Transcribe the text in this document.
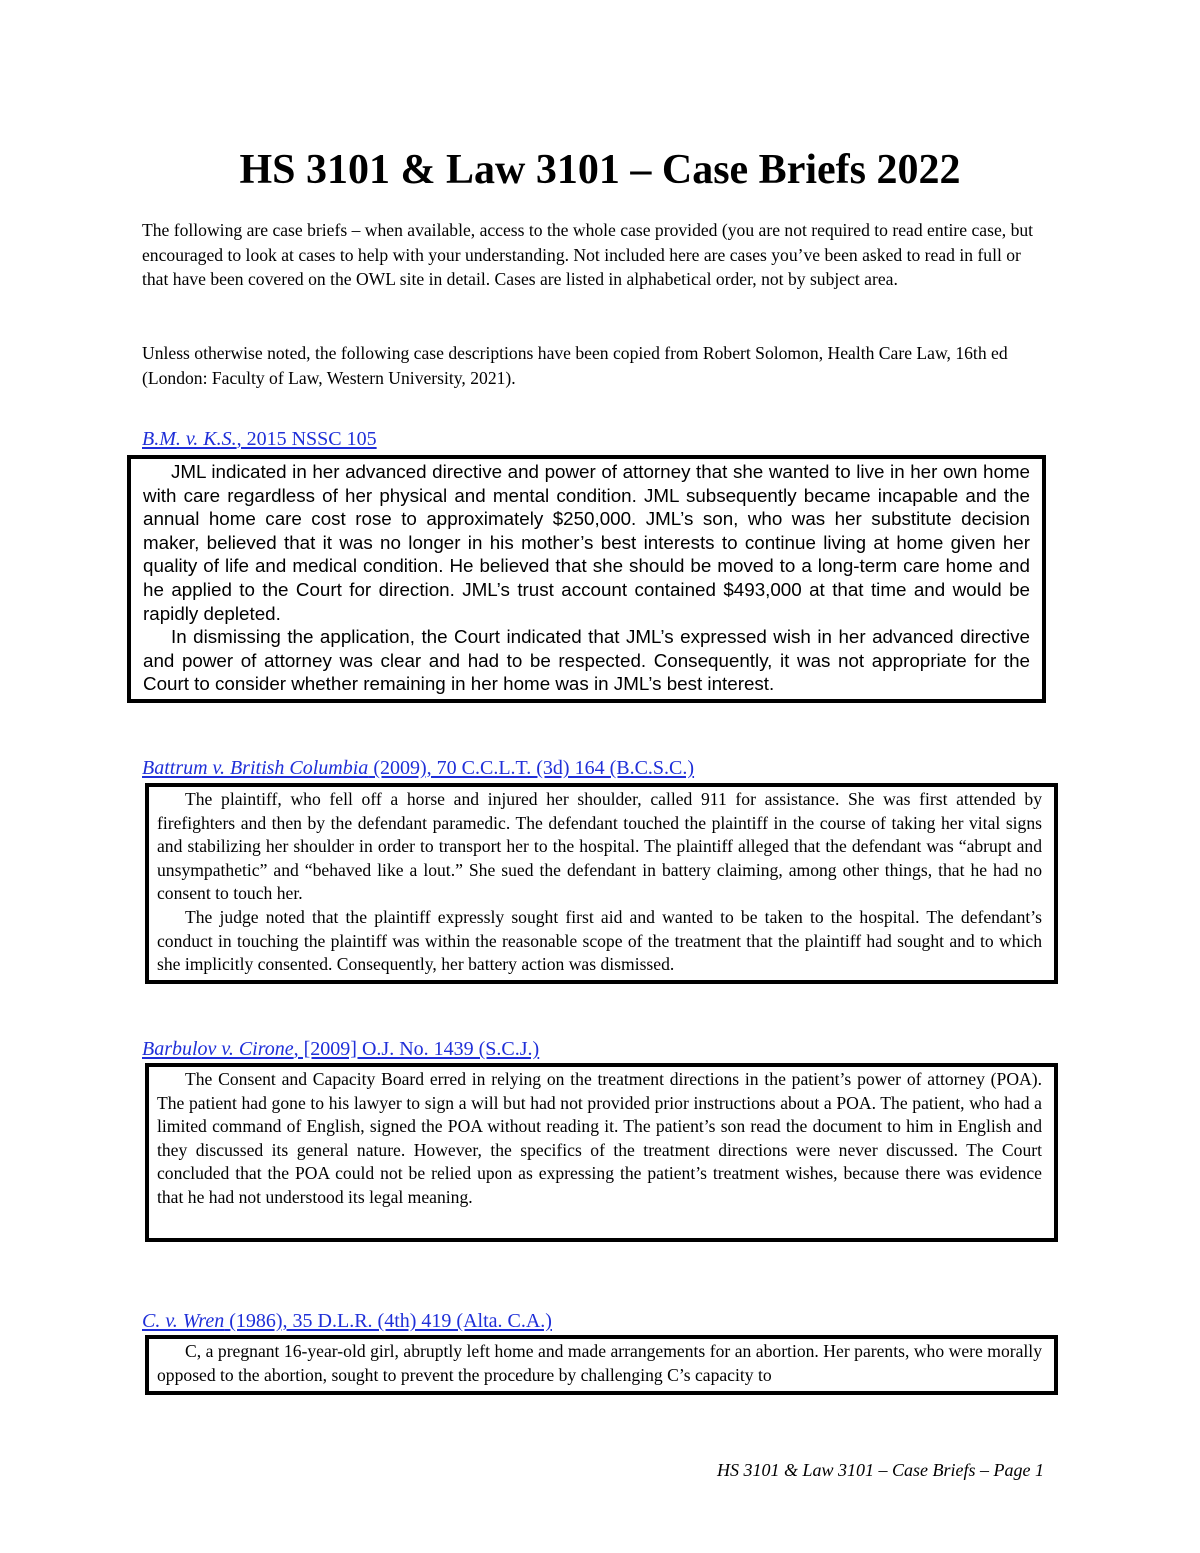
HS 3101 & Law 3101 – Case Briefs 2022

The following are case briefs – when available, access to the whole case provided (you are not required to read entire case, but encouraged to look at cases to help with your understanding. Not included here are cases you’ve been asked to read in full or that have been covered on the OWL site in detail. Cases are listed in alphabetical order, not by subject area.

Unless otherwise noted, the following case descriptions have been copied from Robert Solomon, Health Care Law, 16th ed (London: Faculty of Law, Western University, 2021).

B.M. v. K.S., 2015 NSSC 105

JML indicated in her advanced directive and power of attorney that she wanted to live in her own home with care regardless of her physical and mental condition. JML subsequently became incapable and the annual home care cost rose to approximately $250,000. JML’s son, who was her substitute decision maker, believed that it was no longer in his mother’s best interests to continue living at home given her quality of life and medical condition. He believed that she should be moved to a long-term care home and he applied to the Court for direction. JML’s trust account contained $493,000 at that time and would be rapidly depleted.

In dismissing the application, the Court indicated that JML’s expressed wish in her advanced directive and power of attorney was clear and had to be respected. Consequently, it was not appropriate for the Court to consider whether remaining in her home was in JML’s best interest.

Battrum v. British Columbia (2009), 70 C.C.L.T. (3d) 164 (B.C.S.C.)

The plaintiff, who fell off a horse and injured her shoulder, called 911 for assistance. She was first attended by firefighters and then by the defendant paramedic. The defendant touched the plaintiff in the course of taking her vital signs and stabilizing her shoulder in order to transport her to the hospital. The plaintiff alleged that the defendant was “abrupt and unsympathetic” and “behaved like a lout.” She sued the defendant in battery claiming, among other things, that he had no consent to touch her.

The judge noted that the plaintiff expressly sought first aid and wanted to be taken to the hospital. The defendant’s conduct in touching the plaintiff was within the reasonable scope of the treatment that the plaintiff had sought and to which she implicitly consented. Consequently, her battery action was dismissed.

Barbulov v. Cirone, [2009] O.J. No. 1439 (S.C.J.)

The Consent and Capacity Board erred in relying on the treatment directions in the patient’s power of attorney (POA). The patient had gone to his lawyer to sign a will but had not provided prior instructions about a POA. The patient, who had a limited command of English, signed the POA without reading it. The patient’s son read the document to him in English and they discussed its general nature. However, the specifics of the treatment directions were never discussed. The Court concluded that the POA could not be relied upon as expressing the patient’s treatment wishes, because there was evidence that he had not understood its legal meaning.

C. v. Wren (1986), 35 D.L.R. (4th) 419 (Alta. C.A.)

C, a pregnant 16-year-old girl, abruptly left home and made arrangements for an abortion. Her parents, who were morally opposed to the abortion, sought to prevent the procedure by challenging C’s capacity to

HS 3101 & Law 3101 – Case Briefs – Page 1
